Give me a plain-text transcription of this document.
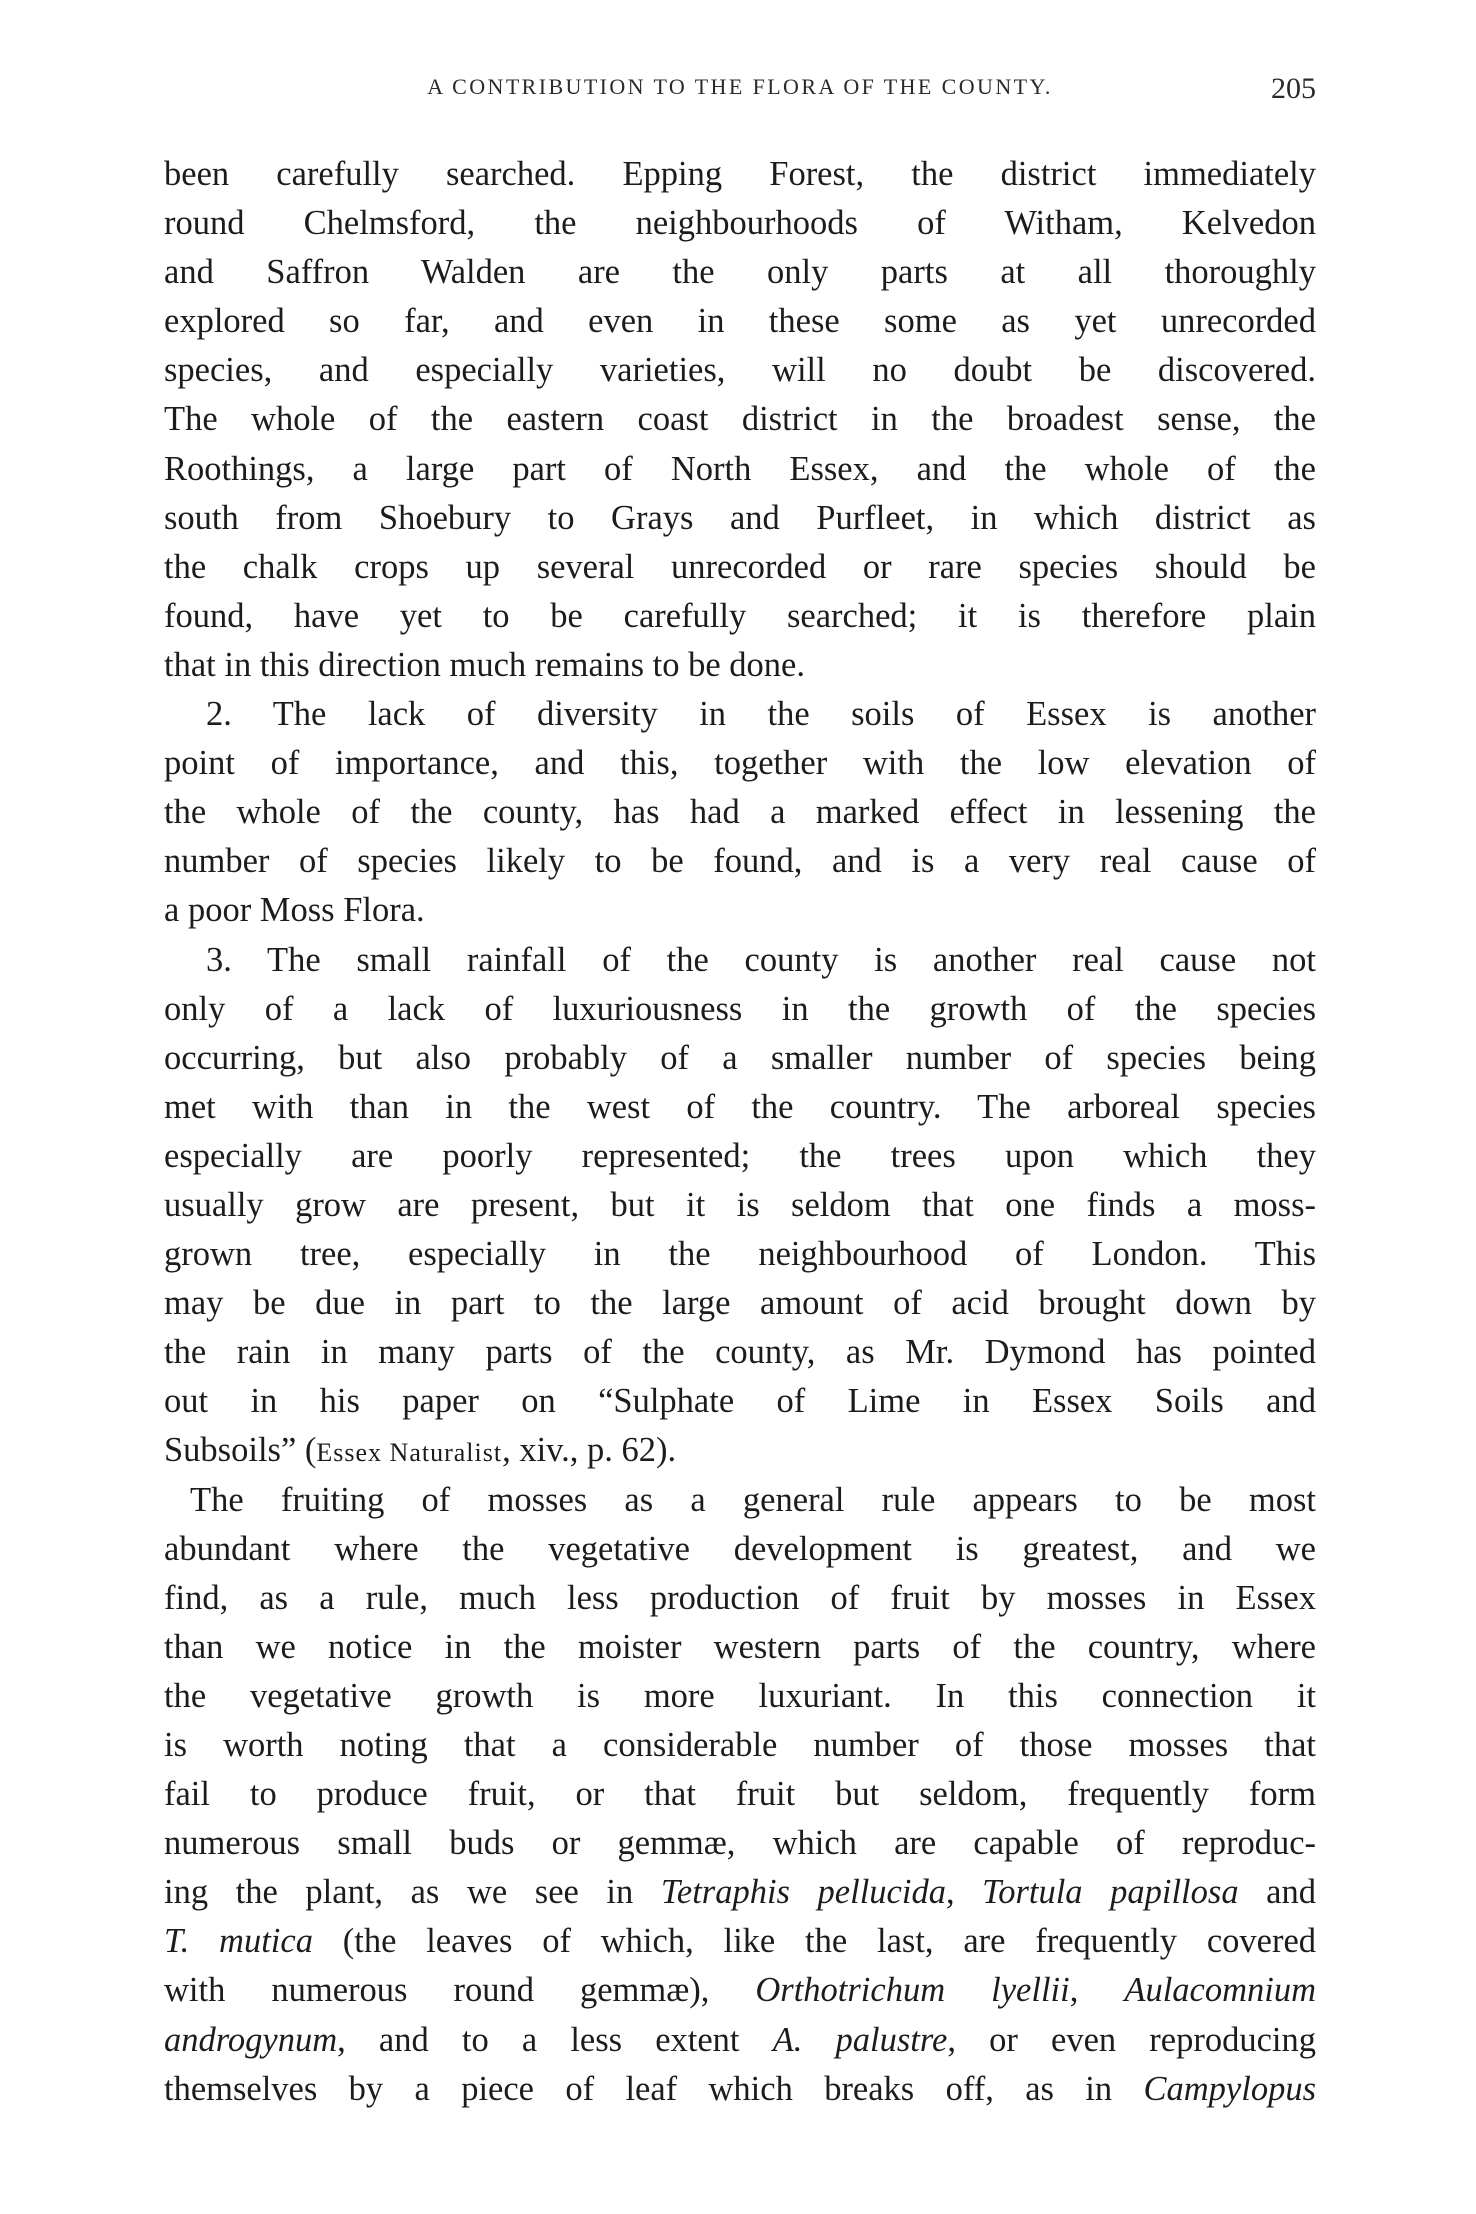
A CONTRIBUTION TO THE FLORA OF THE COUNTY.	205
been carefully searched. Epping Forest, the district immediately
round Chelmsford, the neighbourhoods of Witham, Kelvedon
and Saffron Walden are the only parts at all thoroughly
explored so far, and even in these some as yet unrecorded
species, and especially varieties, will no doubt be discovered.
The whole of the eastern coast district in the broadest sense, the
Roothings, a large part of North Essex, and the whole of the
south from Shoebury to Grays and Purfleet, in which district as
the chalk crops up several unrecorded or rare species should be
found, have yet to be carefully searched; it is therefore plain
that in this direction much remains to be done.
2. The lack of diversity in the soils of Essex is another
point of importance, and this, together with the low elevation of
the whole of the county, has had a marked effect in lessening the
number of species likely to be found, and is a very real cause of
a poor Moss Flora.
3. The small rainfall of the county is another real cause not
only of a lack of luxuriousness in the growth of the species
occurring, but also probably of a smaller number of species being
met with than in the west of the country. The arboreal species
especially are poorly represented; the trees upon which they
usually grow are present, but it is seldom that one finds a moss-
grown tree, especially in the neighbourhood of London. This
may be due in part to the large amount of acid brought down by
the rain in many parts of the county, as Mr. Dymond has pointed
out in his paper on “Sulphate of Lime in Essex Soils and
Subsoils” (Essex Naturalist, xiv., p. 62).
The fruiting of mosses as a general rule appears to be most
abundant where the vegetative development is greatest, and we
find, as a rule, much less production of fruit by mosses in Essex
than we notice in the moister western parts of the country, where
the vegetative growth is more luxuriant. In this connection it
is worth noting that a considerable number of those mosses that
fail to produce fruit, or that fruit but seldom, frequently form
numerous small buds or gemmæ, which are capable of reproduc-
ing the plant, as we see in Tetraphis pellucida, Tortula papillosa and
T. mutica (the leaves of which, like the last, are frequently covered
with numerous round gemmæ), Orthotrichum lyellii, Aulacomnium
androgynum, and to a less extent A. palustre, or even reproducing
themselves by a piece of leaf which breaks off, as in Campylopus
